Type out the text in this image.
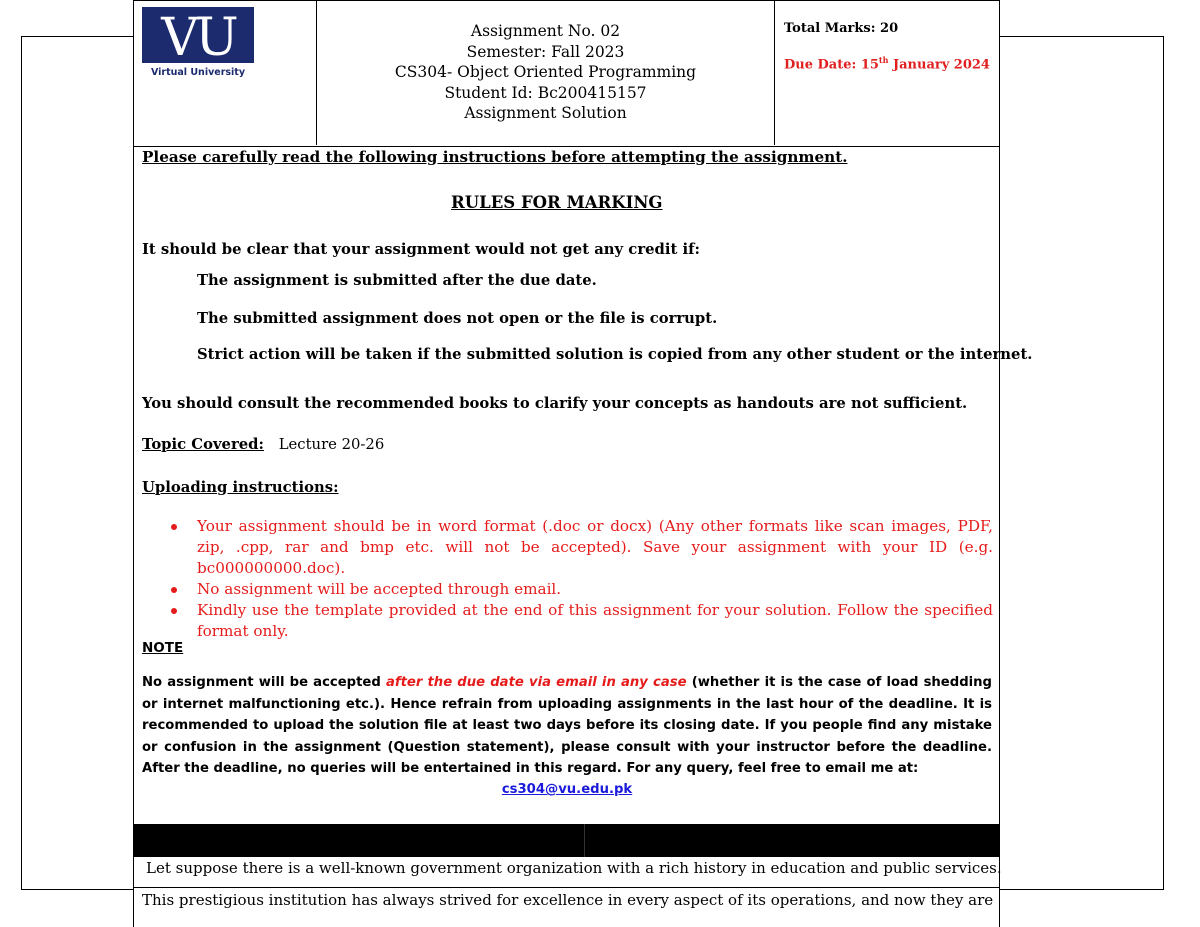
VU
Virtual University
Assignment No. 02
Semester: Fall 2023
CS304- Object Oriented Programming
Student Id: Bc200415157
Assignment Solution
Total Marks: 20
Due Date: 15th January 2024
Please carefully read the following instructions before attempting the assignment.
RULES FOR MARKING
It should be clear that your assignment would not get any credit if:
The assignment is submitted after the due date.
The submitted assignment does not open or the file is corrupt.
Strict action will be taken if the submitted solution is copied from any other student or the internet.
You should consult the recommended books to clarify your concepts as handouts are not sufficient.
Topic Covered: Lecture 20-26
Uploading instructions:
Your assignment should be in word format (.doc or docx) (Any other formats like scan images, PDF, zip, .cpp, rar and bmp etc. will not be accepted). Save your assignment with your ID (e.g. bc000000000.doc).
No assignment will be accepted through email.
Kindly use the template provided at the end of this assignment for your solution. Follow the specified format only.
NOTE
No assignment will be accepted after the due date via email in any case (whether it is the case of load shedding or internet malfunctioning etc.). Hence refrain from uploading assignments in the last hour of the deadline. It is recommended to upload the solution file at least two days before its closing date. If you people find any mistake or confusion in the assignment (Question statement), please consult with your instructor before the deadline. After the deadline, no queries will be entertained in this regard. For any query, feel free to email me at:
cs304@vu.edu.pk
Let suppose there is a well-known government organization with a rich history in education and public services.
This prestigious institution has always strived for excellence in every aspect of its operations, and now they are
